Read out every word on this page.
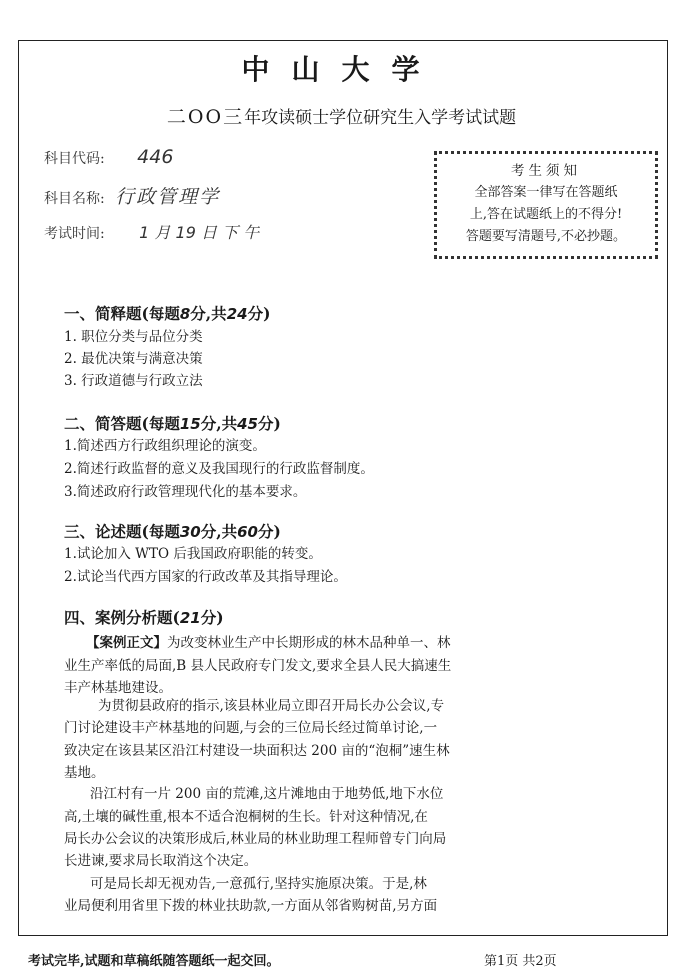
中山大学
二OO三年攻读硕士学位研究生入学考试试题
科目代码: 446
科目名称: 行政管理学
考试时间: 1 月 19 日 下 午
考生须知
全部答案一律写在答题纸
上,答在试题纸上的不得分!
答题要写清题号,不必抄题。
一、简释题(每题8分,共24分)
1. 职位分类与品位分类
2. 最优决策与满意决策
3. 行政道德与行政立法
二、简答题(每题15分,共45分)
1.简述西方行政组织理论的演变。
2.简述行政监督的意义及我国现行的行政监督制度。
3.简述政府行政管理现代化的基本要求。
三、论述题(每题30分,共60分)
1.试论加入 WTO 后我国政府职能的转变。
2.试论当代西方国家的行政改革及其指导理论。
四、案例分析题(21分)
【案例正文】为改变林业生产中长期形成的林木品种单一、林
业生产率低的局面,B 县人民政府专门发文,要求全县人民大搞速生
丰产林基地建设。
为贯彻县政府的指示,该县林业局立即召开局长办公会议,专
门讨论建设丰产林基地的问题,与会的三位局长经过简单讨论,一
致决定在该县某区沿江村建设一块面积达 200 亩的“泡桐”速生林
基地。
沿江村有一片 200 亩的荒滩,这片滩地由于地势低,地下水位
高,土壤的碱性重,根本不适合泡桐树的生长。针对这种情况,在
局长办公会议的决策形成后,林业局的林业助理工程师曾专门向局
长进谏,要求局长取消这个决定。
可是局长却无视劝告,一意孤行,坚持实施原决策。于是,林
业局便利用省里下拨的林业扶助款,一方面从邻省购树苗,另方面
考试完毕,试题和草稿纸随答题纸一起交回。	第1页 共2页
